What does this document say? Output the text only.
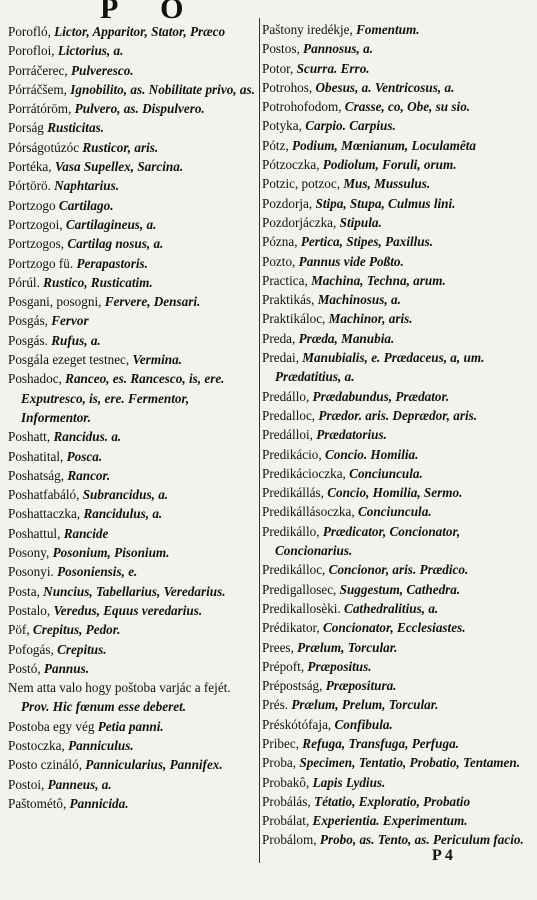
P O
Porofló, Lictor, Apparitor, Stator, Præco
Porofloi, Lictorius, a.
Porráčerec, Pulveresco.
Pórráčšem, Ignobilito, as. Nobilitate privo, as.
Porrátórōm, Pulvero, as. Dispulvero.
Porság Rusticitas.
Pórságotúzóc Rusticor, aris.
Portéka, Vasa Supellex, Sarcina.
Pórtörö. Naphtarius.
Portzogo Cartilago.
Portzogoi, Cartilagineus, a.
Portzogos, Cartilag nosus, a.
Portzogo fü. Perapastoris.
Pórúl. Rustico, Rusticatim.
Posgani, posogni, Fervere, Densari.
Posgás, Fervor
Posgás. Rufus, a.
Posgála ezeget testnec, Vermina.
Poshadoc, Ranceo, es. Rancesco, is, ere. Exputresco, is, ere. Fermentor, Informentor.
Poshatt, Rancidus. a.
Poshatital, Posca.
Poshatság, Rancor.
Poshatfabáló, Subrancidus, a.
Poshattaczka, Rancidulus, a.
Poshattul, Rancide
Posony, Posonium, Pisonium.
Posonyi. Posoniensis, e.
Posta, Nuncius, Tabellarius, Veredarius.
Postalo, Veredus, Equus veredarius.
Pöf, Crepitus, Pedor.
Pofogás, Crepitus.
Postó, Pannus.
Nem atta valo hogy poštoba varjác a fejét. Prov. Hic fœnum esse deberet.
Postoba egy vég Petia panni.
Postoczka, Panniculus.
Posto czináló, Pannicularius, Pannifex.
Postoi, Panneus, a.
Paštométô, Pannicida.
Paštony iredékje, Fomentum.
Postos, Pannosus, a.
Potor, Scurra. Erro.
Potrohos, Obesus, a. Ventricosus, a.
Potrohofodom, Crasse, co, Obe, su sio.
Potyka, Carpio. Carpius.
Pótz, Podium, Mœnianum, Loculamêta
Pótzoczka, Podiolum, Foruli, orum.
Potzic, potzoc, Mus, Mussulus.
Pozdorja, Stipa, Stupa, Culmus lini.
Pozdorjáczka, Stipula.
Pózna, Pertica, Stipes, Paxillus.
Pozto, Pannus vide Poßto.
Practica, Machina, Techna, arum.
Praktikás, Machinosus, a.
Praktikáloc, Machinor, aris.
Preda, Præda, Manubia.
Predai, Manubialis, e. Prædaceus, a, um. Prædatitius, a.
Predállo, Prædabundus, Prædator.
Predalloc, Prædor. aris. Deprædor, aris.
Predálloi, Prædatorius.
Predikácio, Concio. Homilia.
Predikácioczka, Conciuncula.
Predikállás, Concio, Homilia, Sermo.
Predikállásoczka, Conciuncula.
Predikállo, Prædicator, Concionator, Concionarius.
Predikálloc, Concionor, aris. Prædico.
Predigallosec, Suggestum, Cathedra.
Predikallosèki. Cathedralitius, a.
Prédikator, Concionator, Ecclesiastes.
Prees, Prælum, Torcular.
Prépoft, Præpositus.
Prépostság, Præpositura.
Prés. Prælum, Prelum, Torcular.
Préskótófaja, Confibula.
Pribec, Refuga, Transfuga, Perfuga.
Proba, Specimen, Tentatio, Probatio, Tentamen.
Probakô, Lapis Lydius.
Probálás, Tétatio, Exploratio, Probatio
Probálat, Experientia. Experimentum.
Probálom, Probo, as. Tento, as. Periculum facio.
P 4
